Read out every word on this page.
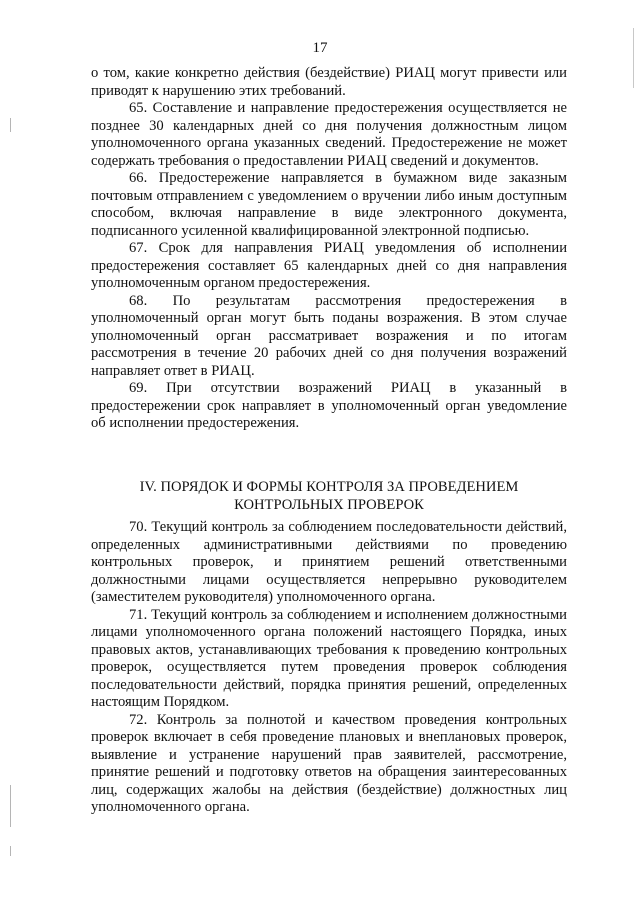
17

о том, какие конкретно действия (бездействие) РИАЦ могут привести или приводят к нарушению этих требований.

65. Составление и направление предостережения осуществляется не позднее 30 календарных дней со дня получения должностным лицом уполномоченного органа указанных сведений. Предостережение не может содержать требования о предоставлении РИАЦ сведений и документов.

66. Предостережение направляется в бумажном виде заказным почтовым отправлением с уведомлением о вручении либо иным доступным способом, включая направление в виде электронного документа, подписанного усиленной квалифицированной электронной подписью.

67. Срок для направления РИАЦ уведомления об исполнении предостережения составляет 65 календарных дней со дня направления уполномоченным органом предостережения.

68. По результатам рассмотрения предостережения в уполномоченный орган могут быть поданы возражения. В этом случае уполномоченный орган рассматривает возражения и по итогам рассмотрения в течение 20 рабочих дней со дня получения возражений направляет ответ в РИАЦ.

69. При отсутствии возражений РИАЦ в указанный в предостережении срок направляет в уполномоченный орган уведомление об исполнении предостережения.

IV. ПОРЯДОК И ФОРМЫ КОНТРОЛЯ ЗА ПРОВЕДЕНИЕМ
КОНТРОЛЬНЫХ ПРОВЕРОК

70. Текущий контроль за соблюдением последовательности действий, определенных административными действиями по проведению контрольных проверок, и принятием решений ответственными должностными лицами осуществляется непрерывно руководителем (заместителем руководителя) уполномоченного органа.

71. Текущий контроль за соблюдением и исполнением должностными лицами уполномоченного органа положений настоящего Порядка, иных правовых актов, устанавливающих требования к проведению контрольных проверок, осуществляется путем проведения проверок соблюдения последовательности действий, порядка принятия решений, определенных настоящим Порядком.

72. Контроль за полнотой и качеством проведения контрольных проверок включает в себя проведение плановых и внеплановых проверок, выявление и устранение нарушений прав заявителей, рассмотрение, принятие решений и подготовку ответов на обращения заинтересованных лиц, содержащих жалобы на действия (бездействие) должностных лиц уполномоченного органа.
